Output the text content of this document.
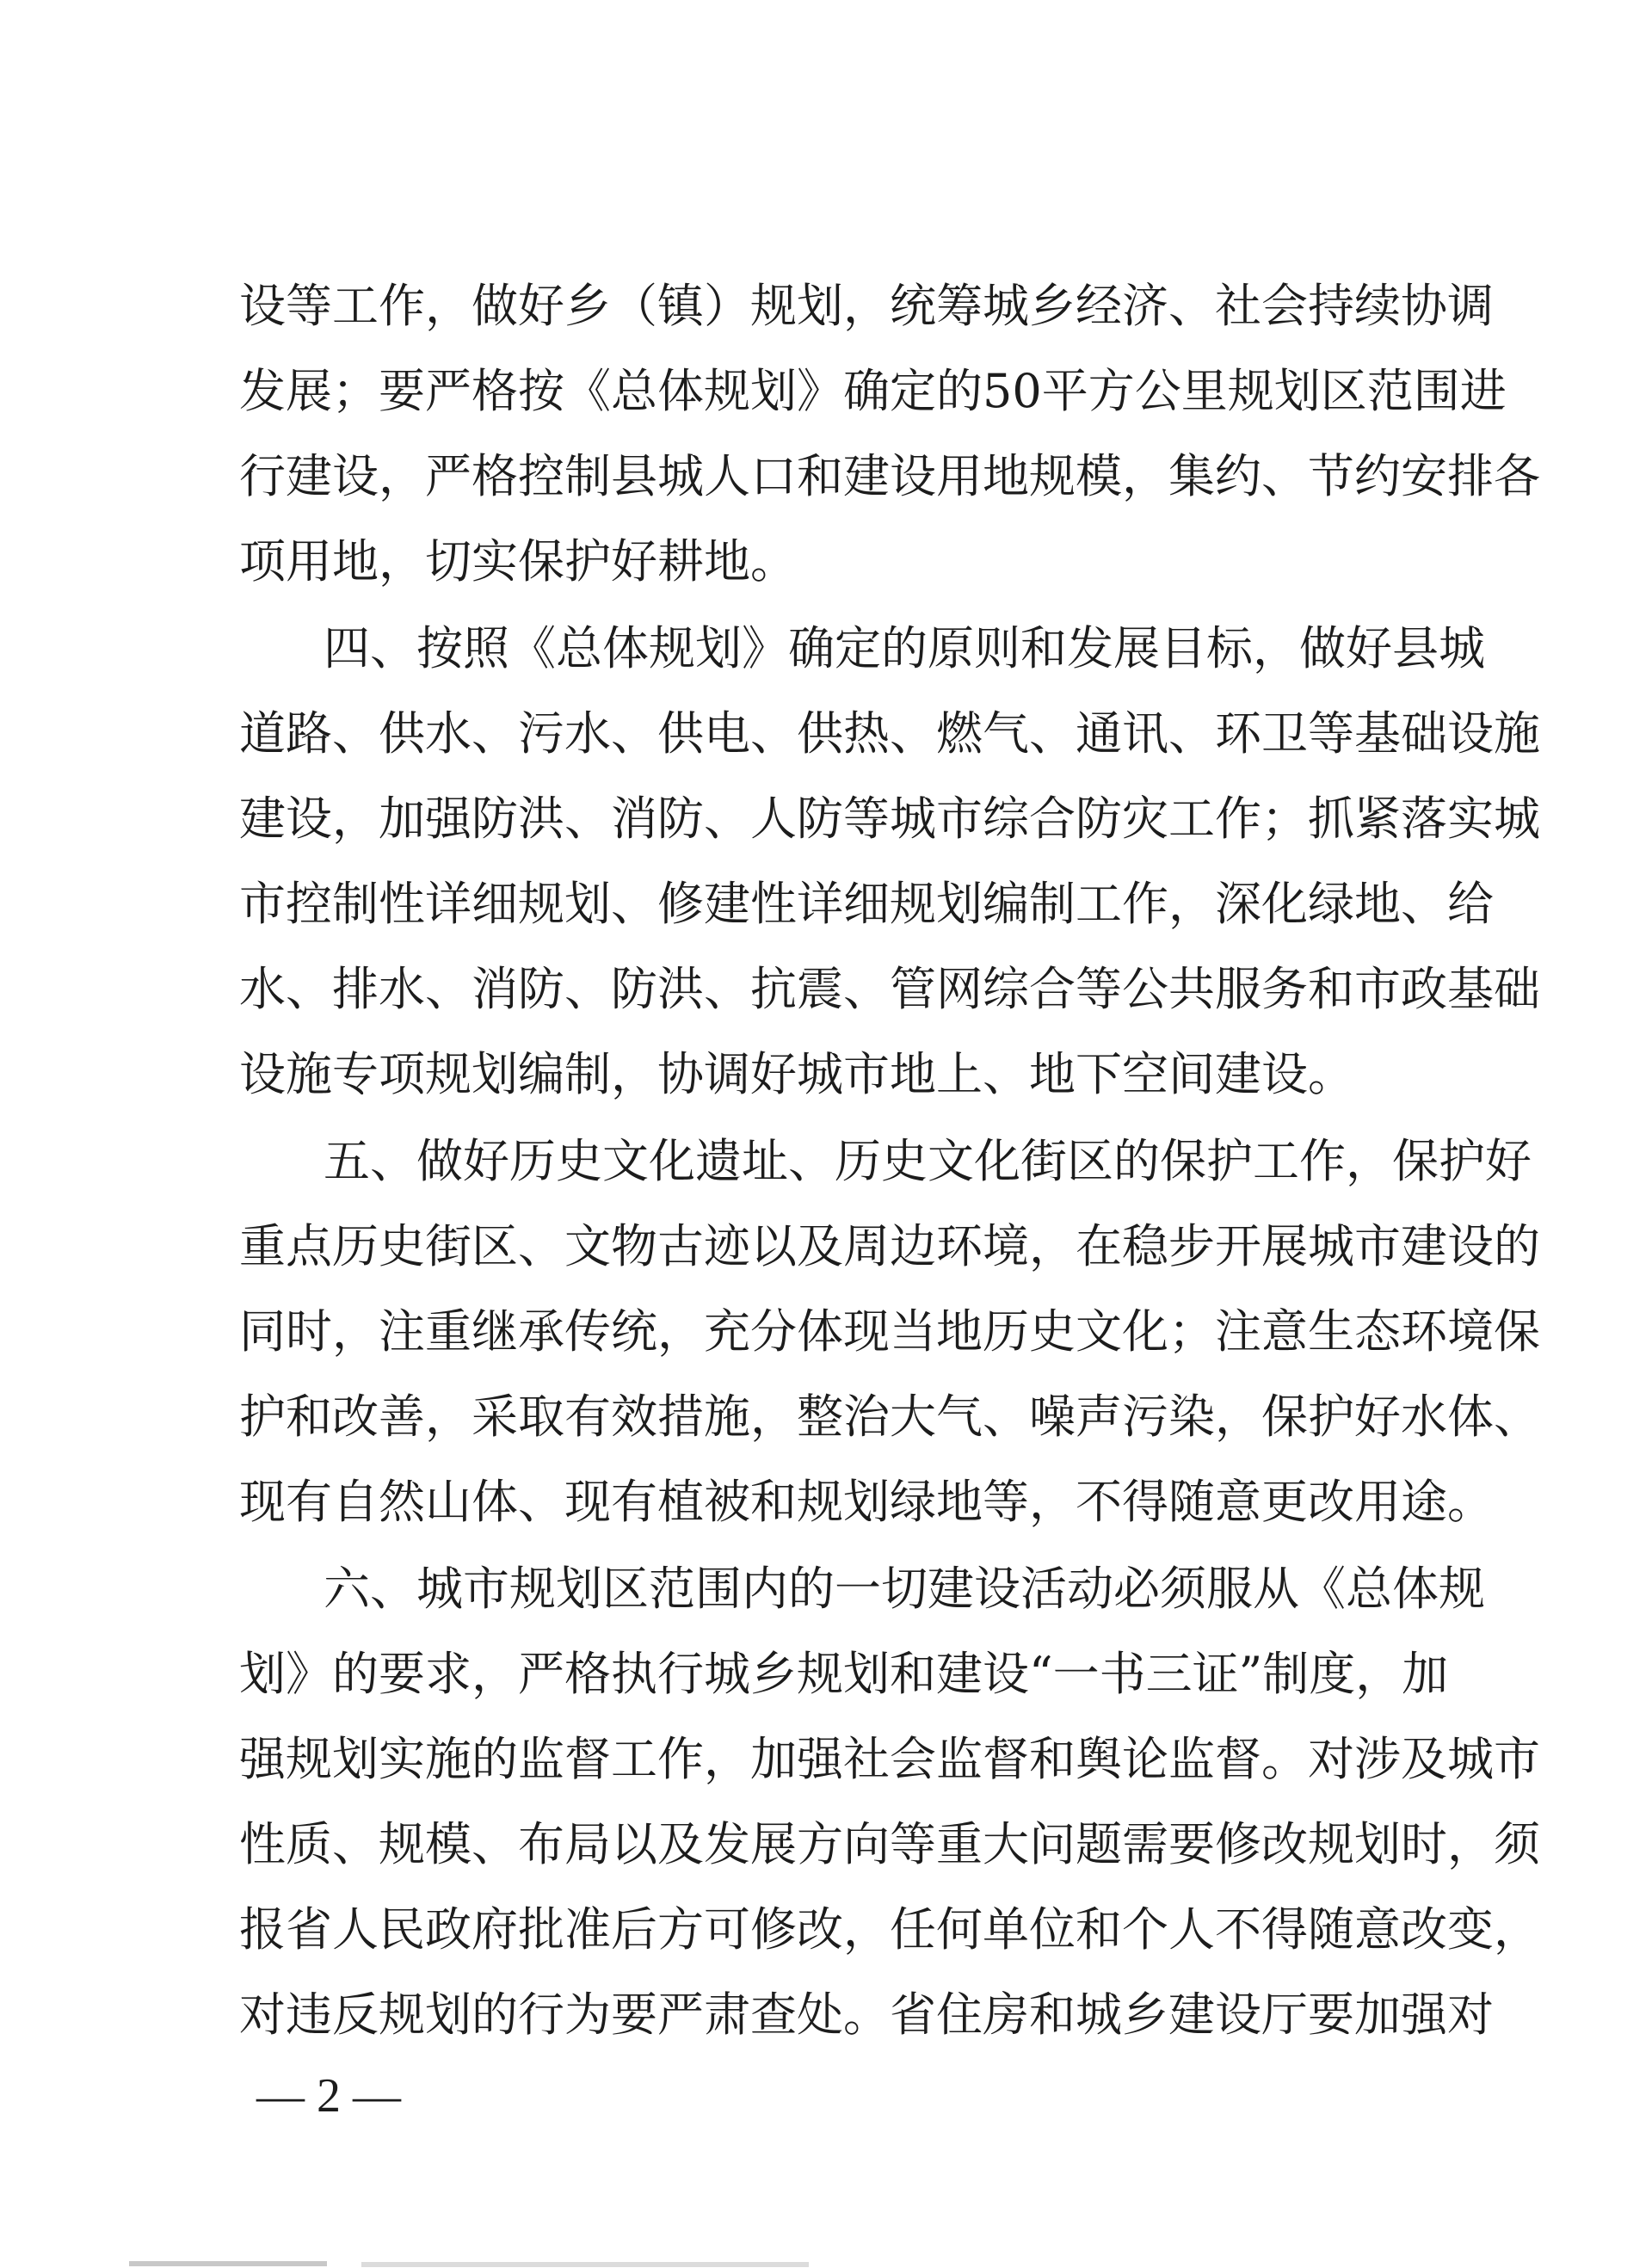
设等工作，做好乡（镇）规划，统筹城乡经济、社会持续协调
发展；要严格按《总体规划》确定的50平方公里规划区范围进
行建设，严格控制县城人口和建设用地规模，集约、节约安排各
项用地，切实保护好耕地。
四、按照《总体规划》确定的原则和发展目标，做好县城
道路、供水、污水、供电、供热、燃气、通讯、环卫等基础设施
建设，加强防洪、消防、人防等城市综合防灾工作；抓紧落实城
市控制性详细规划、修建性详细规划编制工作，深化绿地、给
水、排水、消防、防洪、抗震、管网综合等公共服务和市政基础
设施专项规划编制，协调好城市地上、地下空间建设。
五、做好历史文化遗址、历史文化街区的保护工作，保护好
重点历史街区、文物古迹以及周边环境，在稳步开展城市建设的
同时，注重继承传统，充分体现当地历史文化；注意生态环境保
护和改善，采取有效措施，整治大气、噪声污染，保护好水体、
现有自然山体、现有植被和规划绿地等，不得随意更改用途。
六、城市规划区范围内的一切建设活动必须服从《总体规
划》的要求，严格执行城乡规划和建设“一书三证”制度，加
强规划实施的监督工作，加强社会监督和舆论监督。对涉及城市
性质、规模、布局以及发展方向等重大问题需要修改规划时，须
报省人民政府批准后方可修改，任何单位和个人不得随意改变，
对违反规划的行为要严肃查处。省住房和城乡建设厅要加强对
— 2 —
